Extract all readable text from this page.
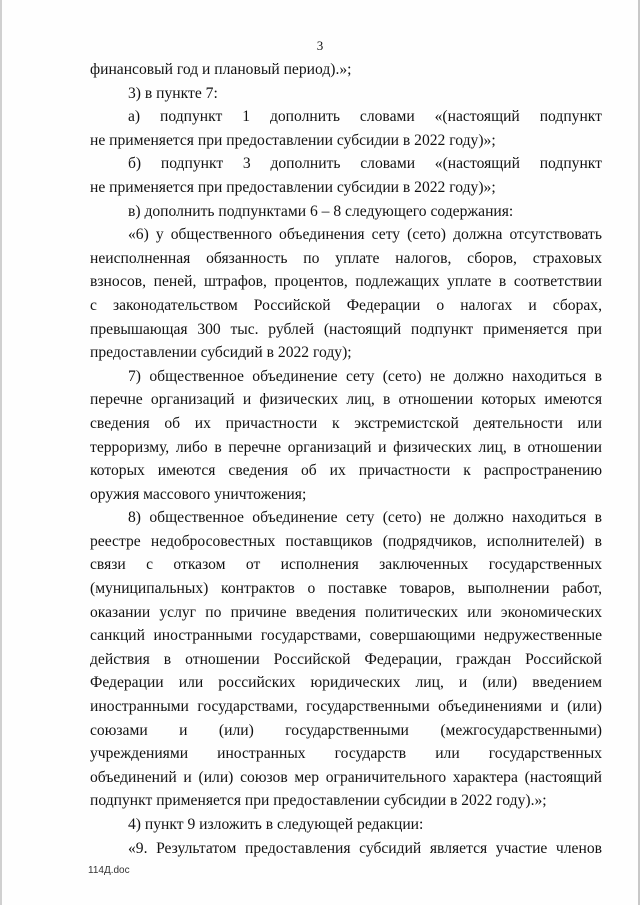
3
финансовый год и плановый период).»;
3) в пункте 7:
а) подпункт 1 дополнить словами «(настоящий подпункт
не применяется при предоставлении субсидии в 2022 году)»;
б) подпункт 3 дополнить словами «(настоящий подпункт
не применяется при предоставлении субсидии в 2022 году)»;
в) дополнить подпунктами 6 – 8 следующего содержания:
«6) у общественного объединения сету (сето) должна отсутствовать
неисполненная обязанность по уплате налогов, сборов, страховых
взносов, пеней, штрафов, процентов, подлежащих уплате в соответствии
с законодательством Российской Федерации о налогах и сборах,
превышающая 300 тыс. рублей (настоящий подпункт применяется при
предоставлении субсидий в 2022 году);
7) общественное объединение сету (сето) не должно находиться в
перечне организаций и физических лиц, в отношении которых имеются
сведения об их причастности к экстремистской деятельности или
терроризму, либо в перечне организаций и физических лиц, в отношении
которых имеются сведения об их причастности к распространению
оружия массового уничтожения;
8) общественное объединение сету (сето) не должно находиться в
реестре недобросовестных поставщиков (подрядчиков, исполнителей) в
связи с отказом от исполнения заключенных государственных
(муниципальных) контрактов о поставке товаров, выполнении работ,
оказании услуг по причине введения политических или экономических
санкций иностранными государствами, совершающими недружественные
действия в отношении Российской Федерации, граждан Российской
Федерации или российских юридических лиц, и (или) введением
иностранными государствами, государственными объединениями и (или)
союзами и (или) государственными (межгосударственными)
учреждениями иностранных государств или государственных
объединений и (или) союзов мер ограничительного характера (настоящий
подпункт применяется при предоставлении субсидии в 2022 году).»;
4) пункт 9 изложить в следующей редакции:
«9. Результатом предоставления субсидий является участие членов
114Д.doc
